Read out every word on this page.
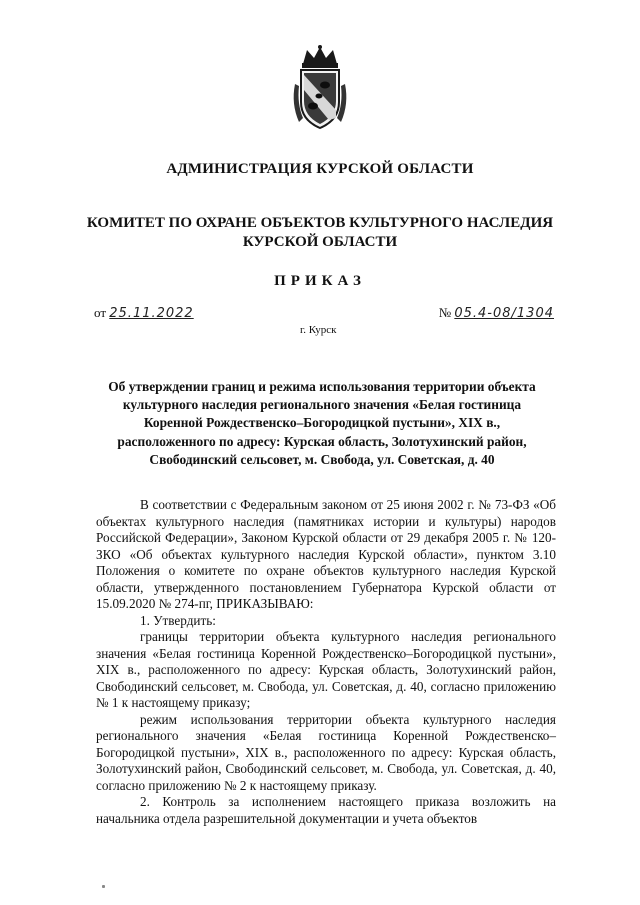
АДМИНИСТРАЦИЯ КУРСКОЙ ОБЛАСТИ
КОМИТЕТ ПО ОХРАНЕ ОБЪЕКТОВ КУЛЬТУРНОГО НАСЛЕДИЯ
КУРСКОЙ ОБЛАСТИ
ПРИКАЗ
от 25.11.2022	№ 05.4-08/1304
г. Курск
Об утверждении границ и режима использования территории объекта
культурного наследия регионального значения «Белая гостиница
Коренной Рождественско–Богородицкой пустыни», XIX в.,
расположенного по адресу: Курская область, Золотухинский район,
Свободинский сельсовет, м. Свобода, ул. Советская, д. 40

В соответствии с Федеральным законом от 25 июня 2002 г. № 73-ФЗ «Об объектах культурного наследия (памятниках истории и культуры) народов Российской Федерации», Законом Курской области от 29 декабря 2005 г. № 120-ЗКО «Об объектах культурного наследия Курской области», пунктом 3.10 Положения о комитете по охране объектов культурного наследия Курской области, утвержденного постановлением Губернатора Курской области от 15.09.2020 № 274-пг, ПРИКАЗЫВАЮ:

1. Утвердить:

границы территории объекта культурного наследия регионального значения «Белая гостиница Коренной Рождественско–Богородицкой пустыни», XIX в., расположенного по адресу: Курская область, Золотухинский район, Свободинский сельсовет, м. Свобода, ул. Советская, д. 40, согласно приложению № 1 к настоящему приказу;

режим использования территории объекта культурного наследия регионального значения «Белая гостиница Коренной Рождественско–Богородицкой пустыни», XIX в., расположенного по адресу: Курская область, Золотухинский район, Свободинский сельсовет, м. Свобода, ул. Советская, д. 40, согласно приложению № 2 к настоящему приказу.

2. Контроль за исполнением настоящего приказа возложить на начальника отдела разрешительной документации и учета объектов
